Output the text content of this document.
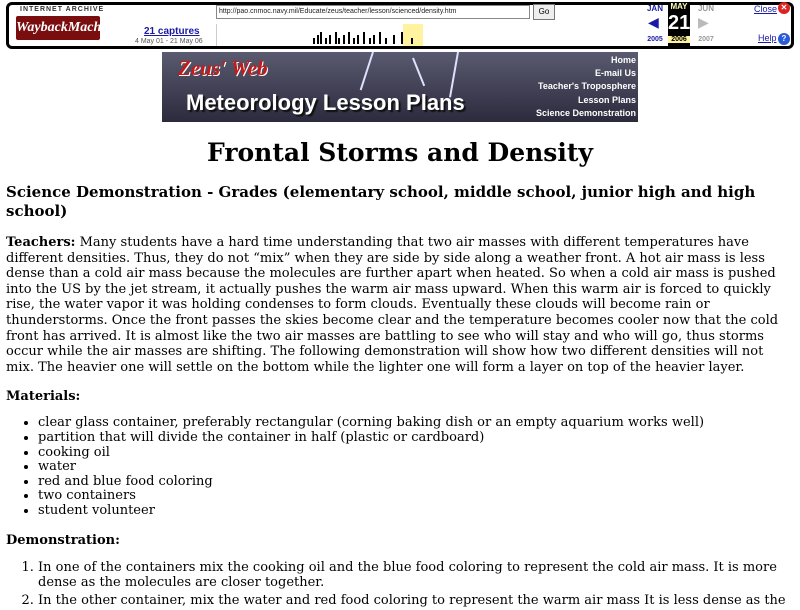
INTERNET ARCHIVE
WaybackMachine 21 captures
4 May 01 - 21 May 06
http://pao.cnmoc.navy.mil/Educate/zeus/teacher/lesson/scienced/density.htm	Go	JAN
2005
◀
MAY
21
2006
▶
JUN
2007
Close ✕
Help ?
Zeus' Web
Meteorology Lesson Plans
Home
E-mail Us
Teacher's Troposphere
Lesson Plans
Science Demonstration
Frontal Storms and Density
Science Demonstration - Grades (elementary school, middle school, junior high and high school)

Teachers: Many students have a hard time understanding that two air masses with different temperatures have different densities. Thus, they do not “mix” when they are side by side along a weather front. A hot air mass is less dense than a cold air mass because the molecules are further apart when heated. So when a cold air mass is pushed into the US by the jet stream, it actually pushes the warm air mass upward. When this warm air is forced to quickly rise, the water vapor it was holding condenses to form clouds. Eventually these clouds will become rain or thunderstorms. Once the front passes the skies become clear and the temperature becomes cooler now that the cold front has arrived. It is almost like the two air masses are battling to see who will stay and who will go, thus storms occur while the air masses are shifting. The following demonstration will show how two different densities will not mix. The heavier one will settle on the bottom while the lighter one will form a layer on top of the heavier layer.

Materials:
• clear glass container, preferably rectangular (corning baking dish or an empty aquarium works well)
• partition that will divide the container in half (plastic or cardboard)
• cooking oil
• water
• red and blue food coloring
• two containers
• student volunteer
Demonstration:
1. In one of the containers mix the cooking oil and the blue food coloring to represent the cold air mass. It is more dense as the molecules are closer together.
2. In the other container, mix the water and red food coloring to represent the warm air mass It is less dense as the
